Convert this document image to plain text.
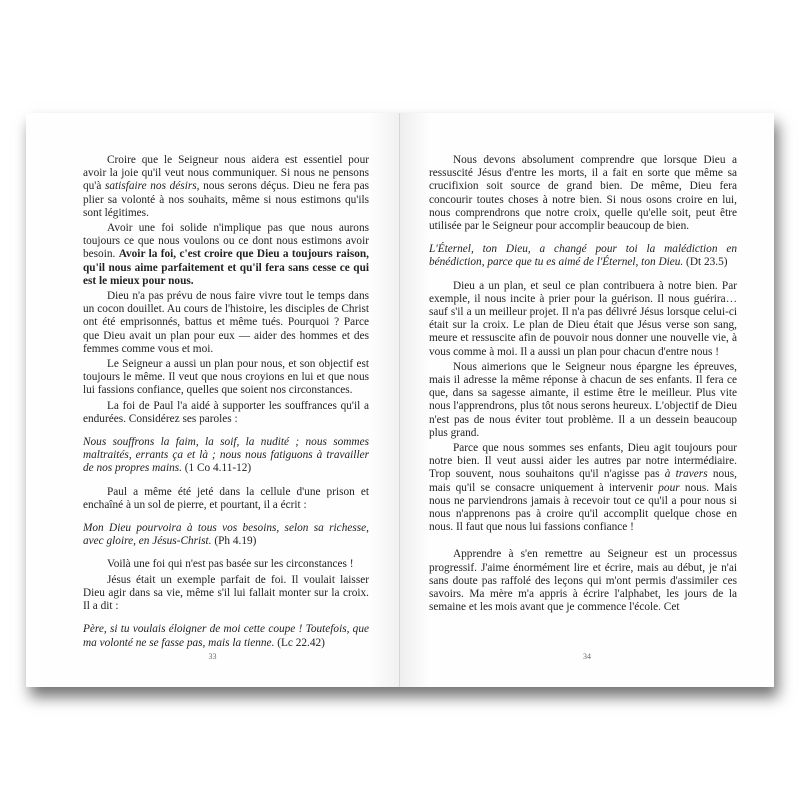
Croire que le Seigneur nous aidera est essentiel pour avoir la joie qu'il veut nous communiquer. Si nous ne pensons qu'à satisfaire nos désirs, nous serons déçus. Dieu ne fera pas plier sa volonté à nos souhaits, même si nous estimons qu'ils sont légitimes.

Avoir une foi solide n'implique pas que nous aurons toujours ce que nous voulons ou ce dont nous estimons avoir besoin. Avoir la foi, c'est croire que Dieu a toujours raison, qu'il nous aime parfaitement et qu'il fera sans cesse ce qui est le mieux pour nous.

Dieu n'a pas prévu de nous faire vivre tout le temps dans un cocon douillet. Au cours de l'histoire, les disciples de Christ ont été emprisonnés, battus et même tués. Pourquoi ? Parce que Dieu avait un plan pour eux — aider des hommes et des femmes comme vous et moi.

Le Seigneur a aussi un plan pour nous, et son objectif est toujours le même. Il veut que nous croyions en lui et que nous lui fassions confiance, quelles que soient nos circonstances.

La foi de Paul l'a aidé à supporter les souffrances qu'il a endurées. Considérez ses paroles :

Nous souffrons la faim, la soif, la nudité ; nous sommes maltraités, errants ça et là ; nous nous fatiguons à travailler de nos propres mains. (1 Co 4.11-12)

Paul a même été jeté dans la cellule d'une prison et enchaîné à un sol de pierre, et pourtant, il a écrit :

Mon Dieu pourvoira à tous vos besoins, selon sa richesse, avec gloire, en Jésus-Christ. (Ph 4.19)

Voilà une foi qui n'est pas basée sur les circonstances !

Jésus était un exemple parfait de foi. Il voulait laisser Dieu agir dans sa vie, même s'il lui fallait monter sur la croix. Il a dit :

Père, si tu voulais éloigner de moi cette coupe ! Toutefois, que ma volonté ne se fasse pas, mais la tienne. (Lc 22.42)

33

Nous devons absolument comprendre que lorsque Dieu a ressuscité Jésus d'entre les morts, il a fait en sorte que même sa crucifixion soit source de grand bien. De même, Dieu fera concourir toutes choses à notre bien. Si nous osons croire en lui, nous comprendrons que notre croix, quelle qu'elle soit, peut être utilisée par le Seigneur pour accomplir beaucoup de bien.

L'Éternel, ton Dieu, a changé pour toi la malédiction en bénédiction, parce que tu es aimé de l'Éternel, ton Dieu. (Dt 23.5)

Dieu a un plan, et seul ce plan contribuera à notre bien. Par exemple, il nous incite à prier pour la guérison. Il nous guérira… sauf s'il a un meilleur projet. Il n'a pas délivré Jésus lorsque celui-ci était sur la croix. Le plan de Dieu était que Jésus verse son sang, meure et ressuscite afin de pouvoir nous donner une nouvelle vie, à vous comme à moi. Il a aussi un plan pour chacun d'entre nous !

Nous aimerions que le Seigneur nous épargne les épreuves, mais il adresse la même réponse à chacun de ses enfants. Il fera ce que, dans sa sagesse aimante, il estime être le meilleur. Plus vite nous l'apprendrons, plus tôt nous serons heureux. L'objectif de Dieu n'est pas de nous éviter tout problème. Il a un dessein beaucoup plus grand.

Parce que nous sommes ses enfants, Dieu agit toujours pour notre bien. Il veut aussi aider les autres par notre intermédiaire. Trop souvent, nous souhaitons qu'il n'agisse pas à travers nous, mais qu'il se consacre uniquement à intervenir pour nous. Mais nous ne parviendrons jamais à recevoir tout ce qu'il a pour nous si nous n'apprenons pas à croire qu'il accomplit quelque chose en nous. Il faut que nous lui fassions confiance !

Apprendre à s'en remettre au Seigneur est un processus progressif. J'aime énormément lire et écrire, mais au début, je n'ai sans doute pas raffolé des leçons qui m'ont permis d'assimiler ces savoirs. Ma mère m'a appris à écrire l'alphabet, les jours de la semaine et les mois avant que je commence l'école. Cet

34
